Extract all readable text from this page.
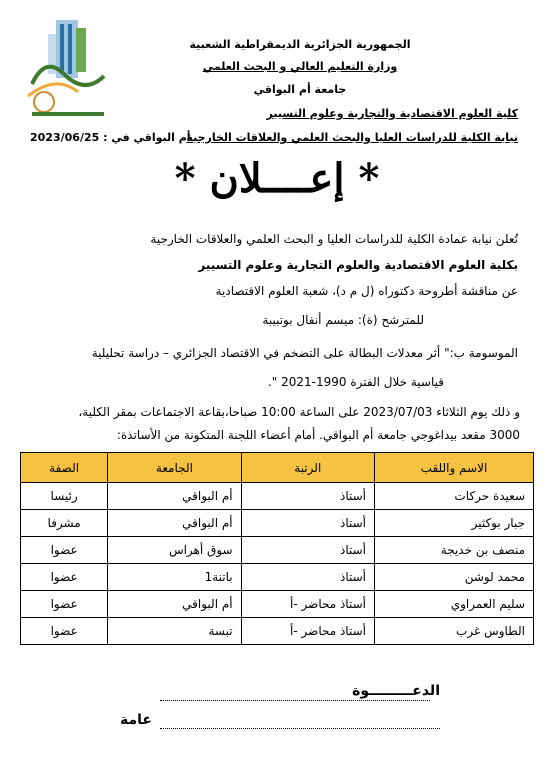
الجمهورية الجزائرية الديمقراطية الشعبية
وزارة التعليم العالي و البحث العلمي
جامعة أم البواقي
كلية العلوم الاقتصادية والتجارية وعلوم التسيير
نيابة الكلية للدراسات العليا والبحث العلمي والعلاقات الخارجية
أم البواقي في : 2023/06/25
* إعــــلان *
تُعلن نيابة عمادة الكلية للدراسات العليا و البحث العلمي والعلاقات الخارجية
بكلية العلوم الاقتصادية والعلوم التجارية وعلوم التسيير
عن مناقشة أطروحة دكتوراه (ل م د)، شعبة العلوم الاقتصادية
للمترشح (ة): ميسم أنفال بوتبيبة
الموسومة ب:" أثر معدلات البطالة على التضخم في الاقتصاد الجزائري – دراسة تحليلية
قياسية خلال الفترة 1990-2021 ".
و ذلك يوم الثلاثاء 2023/07/03 على الساعة 10:00 صباحا،بقاعة الاجتماعات بمقر الكلية،
3000 مقعد بيداغوجي جامعة أم البواقي. أمام أعضاء اللجنة المتكونة من الأساتذة:
الاسم واللقب	الرتبة	الجامعة	الصفة
سعيدة حركات	أستاذ	أم البواقي	رئيسا
جبار بوكثير	أستاذ	أم البواقي	مشرفا
منصف بن خديجة	أستاذ	سوق أهراس	عضوا
محمد لوشن	أستاذ	باتنة1	عضوا
سليم العمراوي	أستاذ محاضر -أ	أم البواقي	عضوا
الطاوس غرب	أستاذ محاضر -أ	تبسة	عضوا
الدعـــــــــوة
عامة
